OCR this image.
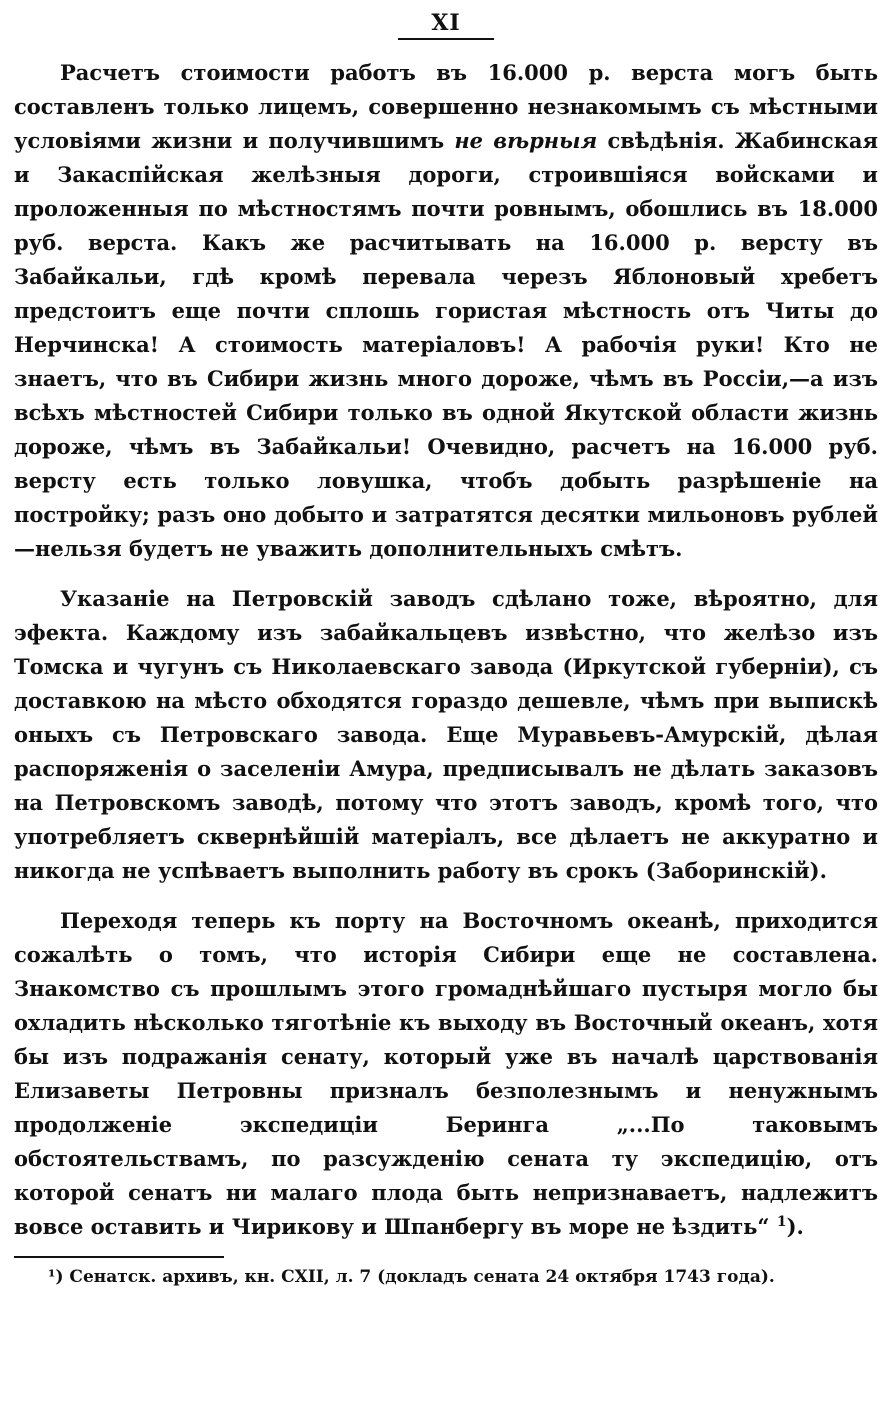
XI

Расчетъ стоимости работъ въ 16.000 р. верста могъ быть составленъ только лицемъ, совершенно незнакомымъ съ мѣстными условіями жизни и получившимъ не вѣрныя свѣдѣнія. Жабинская и Закаспійская желѣзныя дороги, строившіяся войсками и проложенныя по мѣстностямъ почти ровнымъ, обошлись въ 18.000 руб. верста. Какъ же расчитывать на 16.000 р. версту въ Забайкальи, гдѣ кромѣ перевала черезъ Яблоновый хребетъ предстоитъ еще почти сплошь гористая мѣстность отъ Читы до Нерчинска! А стоимость матеріаловъ! А рабочія руки! Кто не знаетъ, что въ Сибири жизнь много дороже, чѣмъ въ Россіи,—а изъ всѣхъ мѣстностей Сибири только въ одной Якутской области жизнь дороже, чѣмъ въ Забайкальи! Очевидно, расчетъ на 16.000 руб. версту есть только ловушка, чтобъ добыть разрѣшеніе на постройку; разъ оно добыто и затратятся десятки мильоновъ рублей—нельзя будетъ не уважить дополнительныхъ смѣтъ.

Указаніе на Петровскій заводъ сдѣлано тоже, вѣроятно, для эфекта. Каждому изъ забайкальцевъ извѣстно, что желѣзо изъ Томска и чугунъ съ Николаевскаго завода (Иркутской губерніи), съ доставкою на мѣсто обходятся гораздо дешевле, чѣмъ при выпискѣ оныхъ съ Петровскаго завода. Еще Муравьевъ-Амурскій, дѣлая распоряженія о заселеніи Амура, предписывалъ не дѣлать заказовъ на Петровскомъ заводѣ, потому что этотъ заводъ, кромѣ того, что употребляетъ сквернѣйшій матеріалъ, все дѣлаетъ не аккуратно и никогда не успѣваетъ выполнить работу въ срокъ (Заборинскій).

Переходя теперь къ порту на Восточномъ океанѣ, приходится сожалѣть о томъ, что исторія Сибири еще не составлена. Знакомство съ прошлымъ этого громаднѣйшаго пустыря могло бы охладить нѣсколько тяготѣніе къ выходу въ Восточный океанъ, хотя бы изъ подражанія сенату, который уже въ началѣ царствованія Елизаветы Петровны призналъ безполезнымъ и ненужнымъ продолженіе экспедиціи Беринга „...По таковымъ обстоятельствамъ, по разсужденію сената ту экспедицію, отъ которой сенатъ ни малаго плода быть непризнаваетъ, надлежитъ вовсе оставить и Чирикову и Шпанбергу въ море не ѣздить“ $^1$).

¹) Сенатск. архивъ, кн. CXII, л. 7 (докладъ сената 24 октября 1743 года).
